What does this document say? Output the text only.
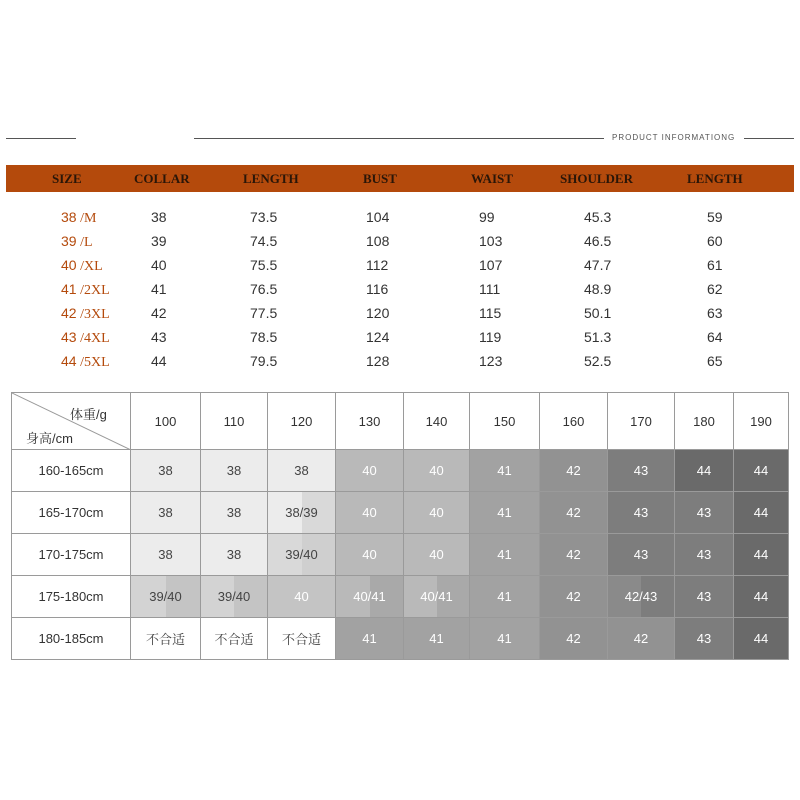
PRODUCT INFORMATIONG
SIZE	COLLAR	LENGTH	BUST	WAIST	SHOULDER	LENGTH
38 /M	38	73.5	104	99	45.3	59
39 /L	39	74.5	108	103	46.5	60
40 /XL	40	75.5	112	107	47.7	61
41 /2XL	41	76.5	116	111	48.9	62
42 /3XL	42	77.5	120	115	50.1	63
43 /4XL	43	78.5	124	119	51.3	64
44 /5XL	44	79.5	128	123	52.5	65
体重/g
身高/cm	100	110	120	130	140	150	160	170	180	190
160-165cm	38	38	38	40	40	41	42	43	44	44
165-170cm	38	38	38/39	40	40	41	42	43	43	44
170-175cm	38	38	39/40	40	40	41	42	43	43	44
175-180cm	39/40	39/40	40	40/41	40/41	41	42	42/43	43	44
180-185cm	不合适	不合适	不合适	41	41	41	42	42	43	44
